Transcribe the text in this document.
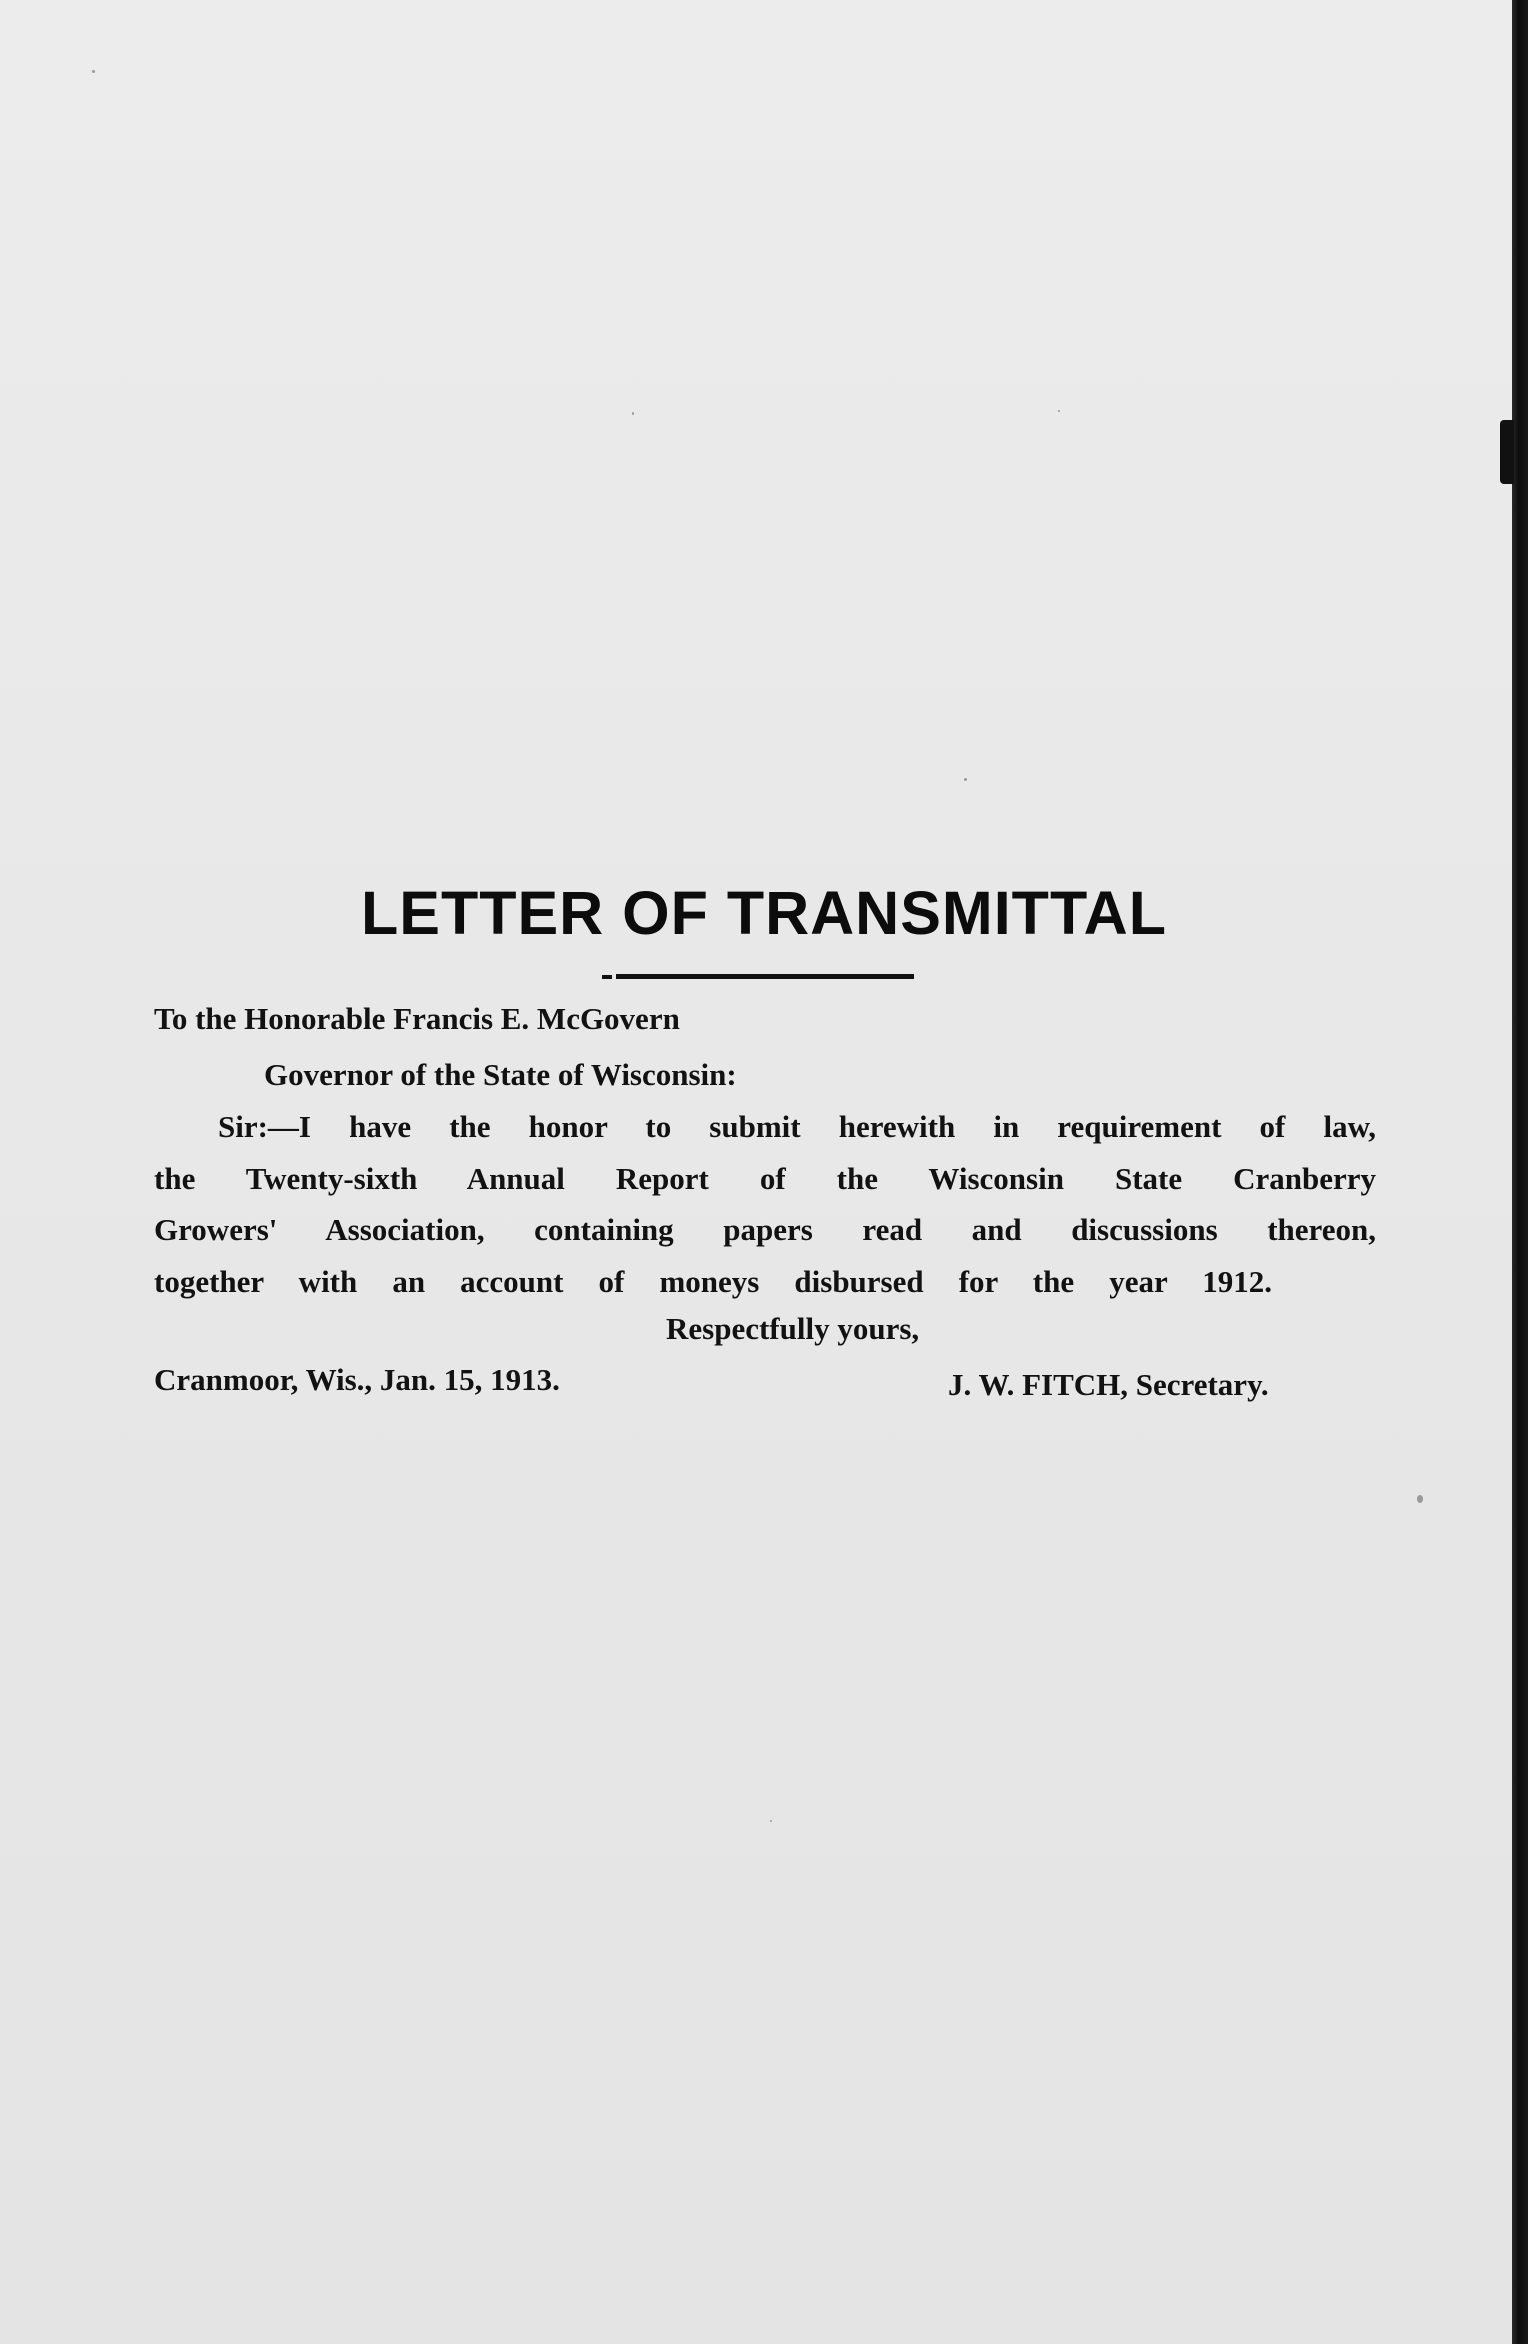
LETTER OF TRANSMITTAL
To the Honorable Francis E. McGovern
Governor of the State of Wisconsin:
Sir:—I have the honor to submit herewith in requirement of law,
the Twenty-sixth Annual Report of the Wisconsin State Cranberry
Growers' Association, containing papers read and discussions thereon,
together with an account of moneys disbursed for the year 1912.
Respectfully yours,
Cranmoor, Wis., Jan. 15, 1913.	J. W. FITCH, Secretary.
